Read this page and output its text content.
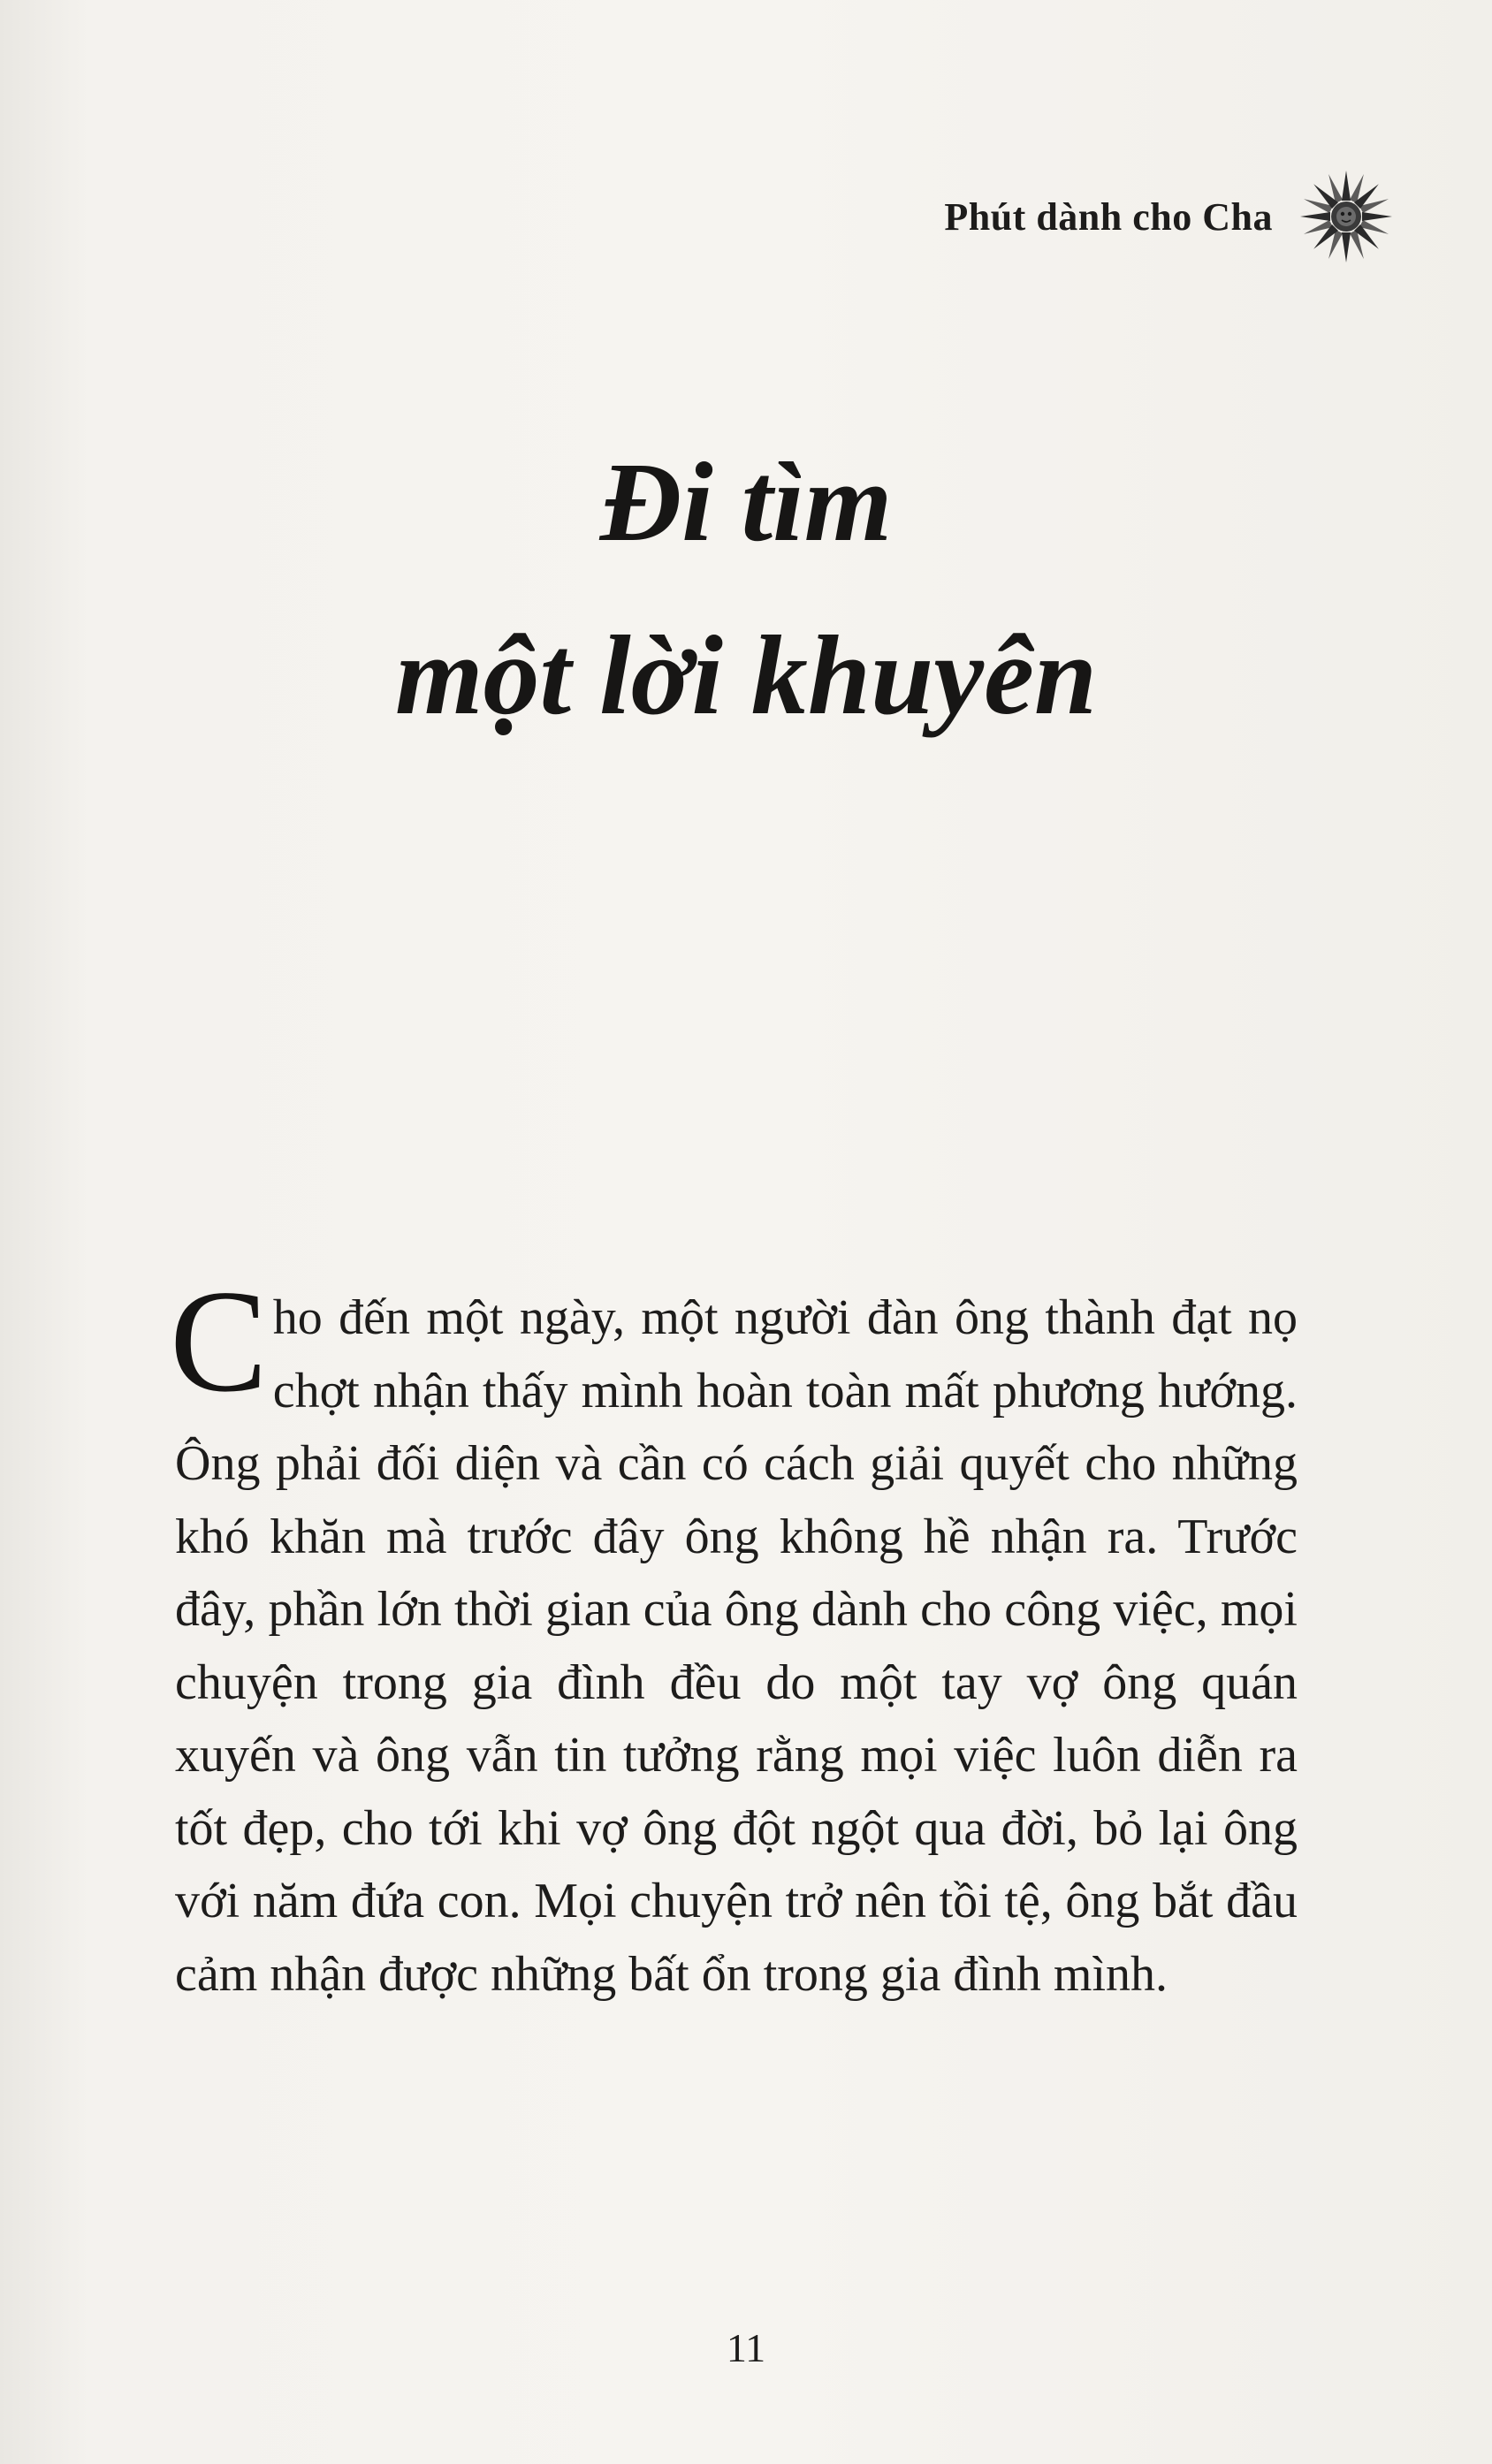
Phút dành cho Cha
Đi tìm
một lời khuyên
Cho đến một ngày, một người đàn ông thành đạt nọ chợt nhận thấy mình hoàn toàn mất phương hướng. Ông phải đối diện và cần có cách giải quyết cho những khó khăn mà trước đây ông không hề nhận ra. Trước đây, phần lớn thời gian của ông dành cho công việc, mọi chuyện trong gia đình đều do một tay vợ ông quán xuyến và ông vẫn tin tưởng rằng mọi việc luôn diễn ra tốt đẹp, cho tới khi vợ ông đột ngột qua đời, bỏ lại ông với năm đứa con. Mọi chuyện trở nên tồi tệ, ông bắt đầu cảm nhận được những bất ổn trong gia đình mình.
11
